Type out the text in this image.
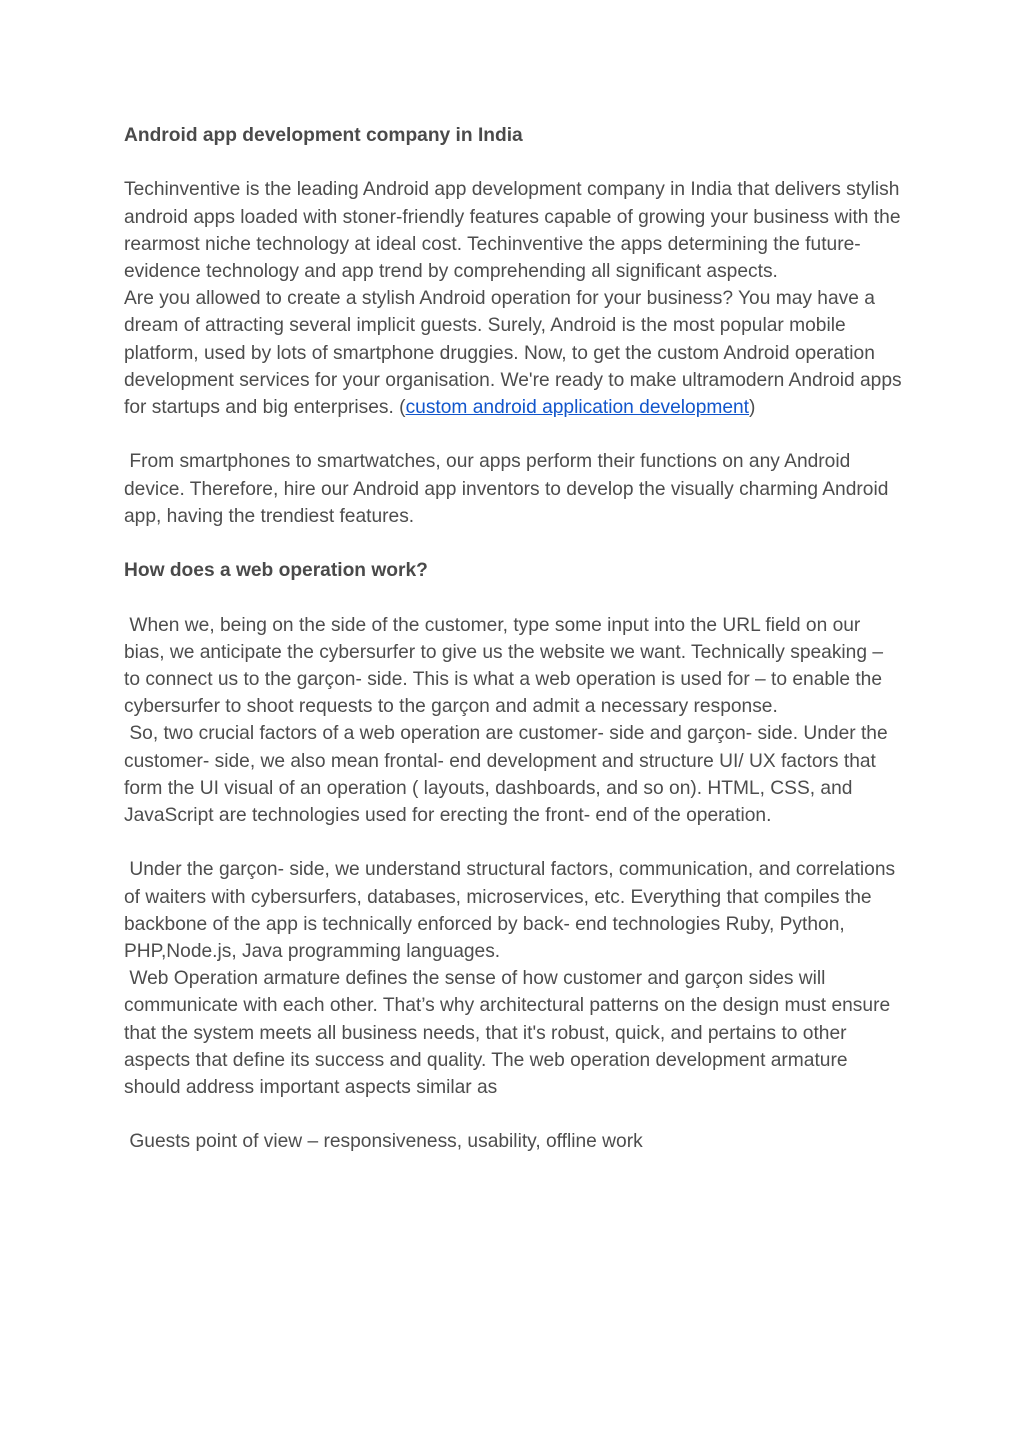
Android app development company in India

Techinventive is the leading Android app development company in India that delivers stylish android apps loaded with stoner-friendly features capable of growing your business with the rearmost niche technology at ideal cost. Techinventive the apps determining the future- evidence technology and app trend by comprehending all significant aspects.

Are you allowed to create a stylish Android operation for your business? You may have a dream of attracting several implicit guests. Surely, Android is the most popular mobile platform, used by lots of smartphone druggies. Now, to get the custom Android operation development services for your organisation. We're ready to make ultramodern Android apps for startups and big enterprises. (custom android application development)

From smartphones to smartwatches, our apps perform their functions on any Android device. Therefore, hire our Android app inventors to develop the visually charming Android app, having the trendiest features.

How does a web operation work?

When we, being on the side of the customer, type some input into the URL field on our bias, we anticipate the cybersurfer to give us the website we want. Technically speaking – to connect us to the garçon- side. This is what a web operation is used for – to enable the cybersurfer to shoot requests to the garçon and admit a necessary response.

So, two crucial factors of a web operation are customer- side and garçon- side. Under the customer- side, we also mean frontal- end development and structure UI/ UX factors that form the UI visual of an operation ( layouts, dashboards, and so on). HTML, CSS, and JavaScript are technologies used for erecting the front- end of the operation.

Under the garçon- side, we understand structural factors, communication, and correlations of waiters with cybersurfers, databases, microservices, etc. Everything that compiles the backbone of the app is technically enforced by back- end technologies Ruby, Python, PHP,Node.js, Java programming languages.

Web Operation armature defines the sense of how customer and garçon sides will communicate with each other. That’s why architectural patterns on the design must ensure that the system meets all business needs, that it's robust, quick, and pertains to other aspects that define its success and quality. The web operation development armature should address important aspects similar as

Guests point of view – responsiveness, usability, offline work
